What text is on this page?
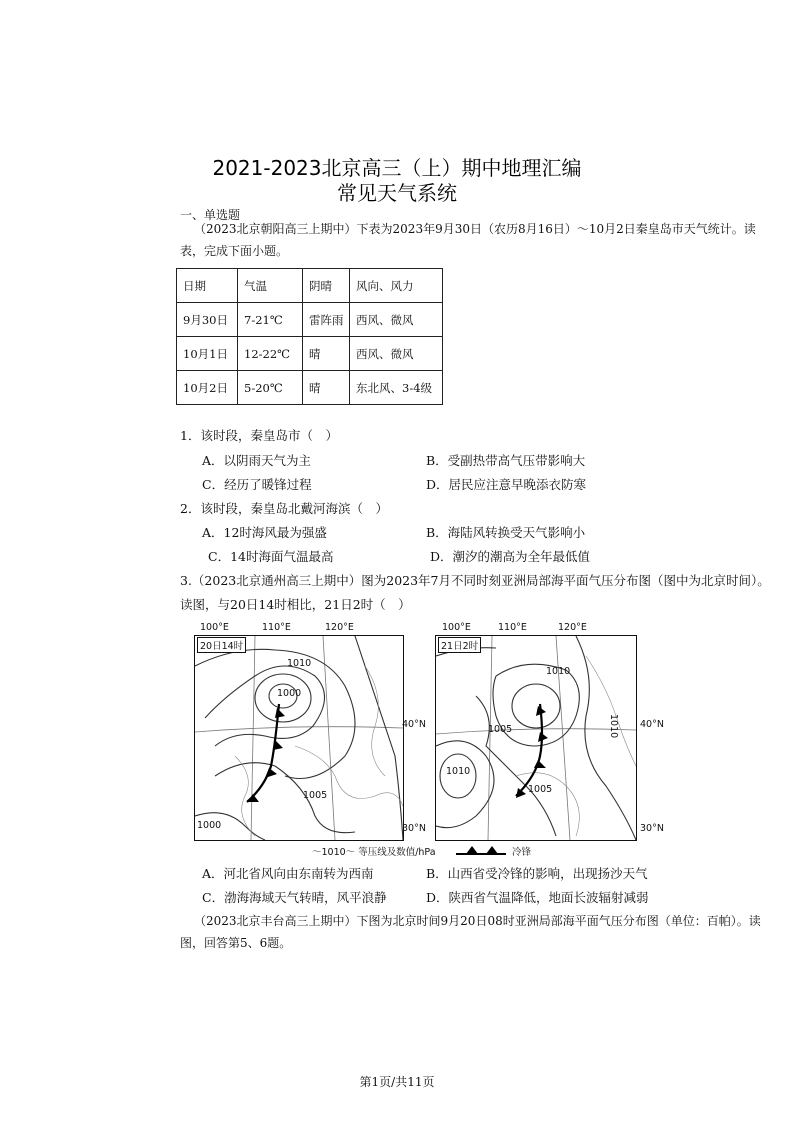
2021-2023北京高三（上）期中地理汇编
常见天气系统
一、单选题
（2023北京朝阳高三上期中）下表为2023年9月30日（农历8月16日）～10月2日秦皇岛市天气统计。读表，完成下面小题。
日期	气温	阴晴	风向、风力
9月30日	7-21℃	雷阵雨	西风、微风
10月1日	12-22℃	晴	西风、微风
10月2日	5-20℃	晴	东北风、3-4级
1．该时段，秦皇岛市（　）
A．以阴雨天气为主	B．受副热带高气压带影响大
C．经历了暖锋过程	D．居民应注意早晚添衣防寒
2．该时段，秦皇岛北戴河海滨（　）
A．12时海风最为强盛	B．海陆风转换受天气影响小
C．14时海面气温最高	D．潮汐的潮高为全年最低值
3.（2023北京通州高三上期中）图为2023年7月不同时刻亚洲局部海平面气压分布图（图中为北京时间）。
读图，与20日14时相比，21日2时（　）
100°E	110°E	120°E	100°E	110°E	120°E
20日14时
1010
1000
1005
1000
40°N
30°N
21日2时
1010
1005
1010
1005
1010 40°N
30°N
～1010～ 等压线及数值/hPa	冷锋
A．河北省风向由东南转为西南	B．山西省受冷锋的影响，出现扬沙天气
C．渤海海域天气转晴，风平浪静	D．陕西省气温降低，地面长波辐射减弱
（2023北京丰台高三上期中）下图为北京时间9月20日08时亚洲局部海平面气压分布图（单位：百帕）。读图，回答第5、6题。
第1页/共11页
